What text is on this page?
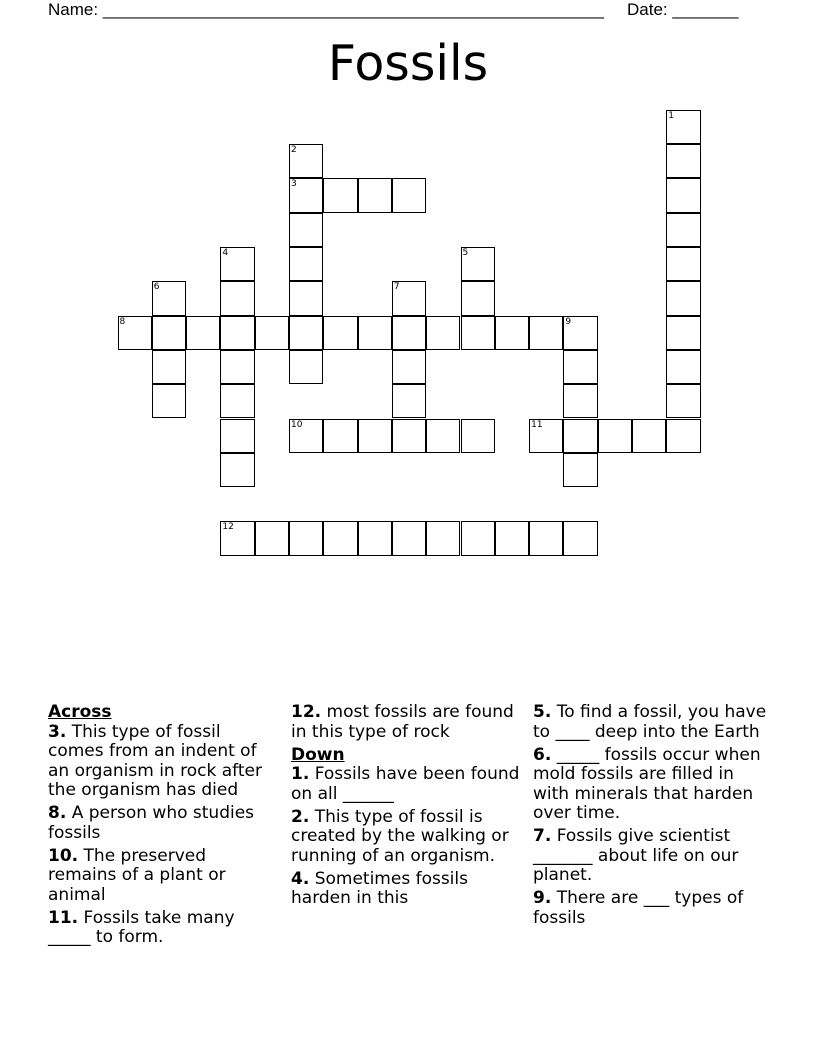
Name: _____________________________________________________ Date: _______
Fossils
1
2
3
4	5
6	7
8	9
10	11
12
Across
3. This type of fossil comes from an indent of an organism in rock after the organism has died
8. A person who studies fossils
10. The preserved remains of a plant or animal
11. Fossils take many _____ to form.
12. most fossils are found in this type of rock
Down
1. Fossils have been found on all ______
2. This type of fossil is created by the walking or running of an organism.
4. Sometimes fossils harden in this
5. To find a fossil, you have to ____ deep into the Earth
6. _____ fossils occur when mold fossils are filled in with minerals that harden over time.
7. Fossils give scientist _______ about life on our planet.
9. There are ___ types of fossils
